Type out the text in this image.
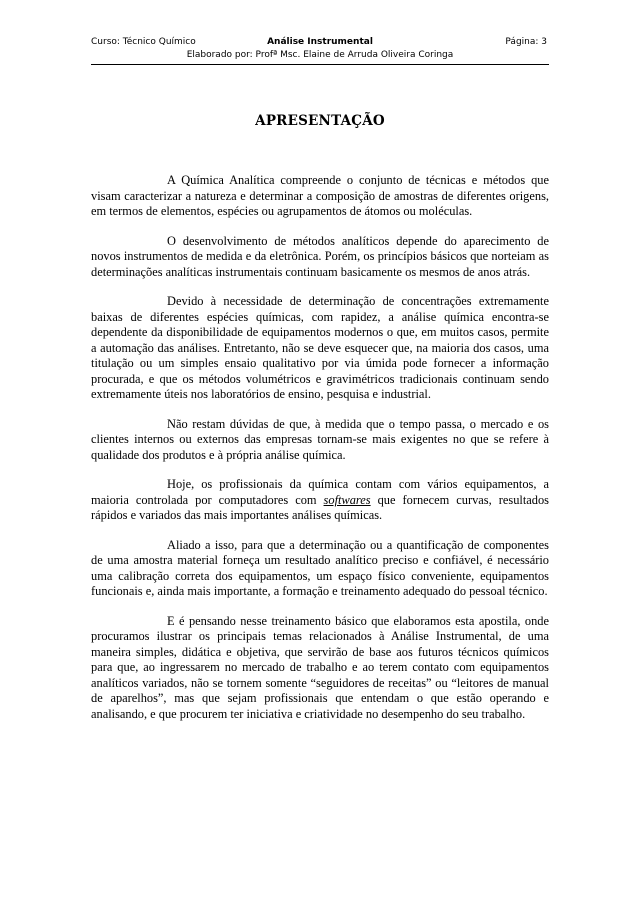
Curso: Técnico Químico	Análise Instrumental	Página: 3
Elaborado por: Profª Msc. Elaine de Arruda Oliveira Coringa
APRESENTAÇÃO

A Química Analítica compreende o conjunto de técnicas e métodos que visam caracterizar a natureza e determinar a composição de amostras de diferentes origens, em termos de elementos, espécies ou agrupamentos de átomos ou moléculas.

O desenvolvimento de métodos analíticos depende do aparecimento de novos instrumentos de medida e da eletrônica. Porém, os princípios básicos que norteiam as determinações analíticas instrumentais continuam basicamente os mesmos de anos atrás.

Devido à necessidade de determinação de concentrações extremamente baixas de diferentes espécies químicas, com rapidez, a análise química encontra-se dependente da disponibilidade de equipamentos modernos o que, em muitos casos, permite a automação das análises. Entretanto, não se deve esquecer que, na maioria dos casos, uma titulação ou um simples ensaio qualitativo por via úmida pode fornecer a informação procurada, e que os métodos volumétricos e gravimétricos tradicionais continuam sendo extremamente úteis nos laboratórios de ensino, pesquisa e industrial.

Não restam dúvidas de que, à medida que o tempo passa, o mercado e os clientes internos ou externos das empresas tornam-se mais exigentes no que se refere à qualidade dos produtos e à própria análise química.

Hoje, os profissionais da química contam com vários equipamentos, a maioria controlada por computadores com softwares que fornecem curvas, resultados rápidos e variados das mais importantes análises químicas.

Aliado a isso, para que a determinação ou a quantificação de componentes de uma amostra material forneça um resultado analítico preciso e confiável, é necessário uma calibração correta dos equipamentos, um espaço físico conveniente, equipamentos funcionais e, ainda mais importante, a formação e treinamento adequado do pessoal técnico.

E é pensando nesse treinamento básico que elaboramos esta apostila, onde procuramos ilustrar os principais temas relacionados à Análise Instrumental, de uma maneira simples, didática e objetiva, que servirão de base aos futuros técnicos químicos para que, ao ingressarem no mercado de trabalho e ao terem contato com equipamentos analíticos variados, não se tornem somente “seguidores de receitas” ou “leitores de manual de aparelhos”, mas que sejam profissionais que entendam o que estão operando e analisando, e que procurem ter iniciativa e criatividade no desempenho do seu trabalho.
